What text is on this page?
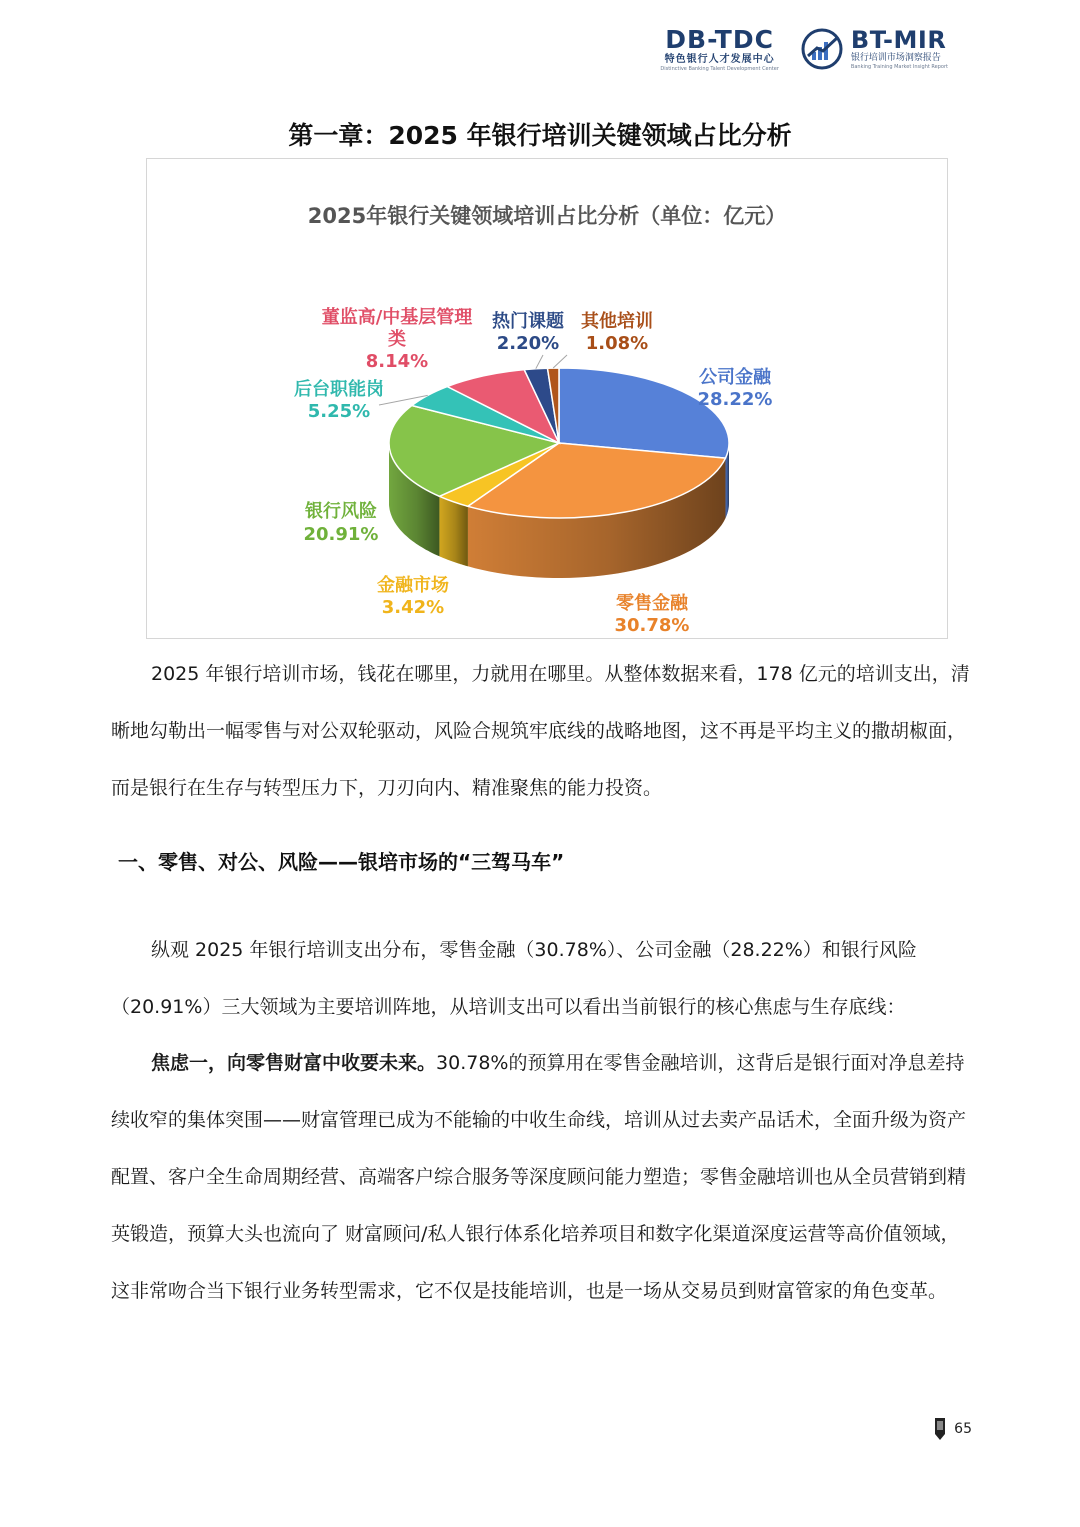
DB-TDC
特色银行人才发展中心
Distinctive Banking Talent Development Center
BT-MIR
银行培训市场洞察报告
Banking Training Market Insight Report
第一章：2025 年银行培训关键领域占比分析
2025年银行关键领域培训占比分析（单位：亿元）
公司金融
28.22%
零售金融
30.78%
金融市场
3.42%
银行风险
20.91%
后台职能岗
5.25%
董监高/中基层管理
类
8.14%
热门课题
2.20%
其他培训
1.08%

2025 年银行培训市场，钱花在哪里，力就用在哪里。从整体数据来看，178 亿元的培训支出，清晰地勾勒出一幅零售与对公双轮驱动，风险合规筑牢底线的战略地图，这不再是平均主义的撒胡椒面，而是银行在生存与转型压力下，刀刃向内、精准聚焦的能力投资。

一、零售、对公、风险——银培市场的“三驾马车”

纵观 2025 年银行培训支出分布，零售金融（30.78%）、公司金融（28.22%）和银行风险（20.91%）三大领域为主要培训阵地，从培训支出可以看出当前银行的核心焦虑与生存底线：

焦虑一，向零售财富中收要未来。30.78%的预算用在零售金融培训，这背后是银行面对净息差持续收窄的集体突围——财富管理已成为不能输的中收生命线，培训从过去卖产品话术，全面升级为资产配置、客户全生命周期经营、高端客户综合服务等深度顾问能力塑造；零售金融培训也从全员营销到精英锻造，预算大头也流向了 财富顾问/私人银行体系化培养项目和数字化渠道深度运营等高价值领域，这非常吻合当下银行业务转型需求，它不仅是技能培训，也是一场从交易员到财富管家的角色变革。

65
